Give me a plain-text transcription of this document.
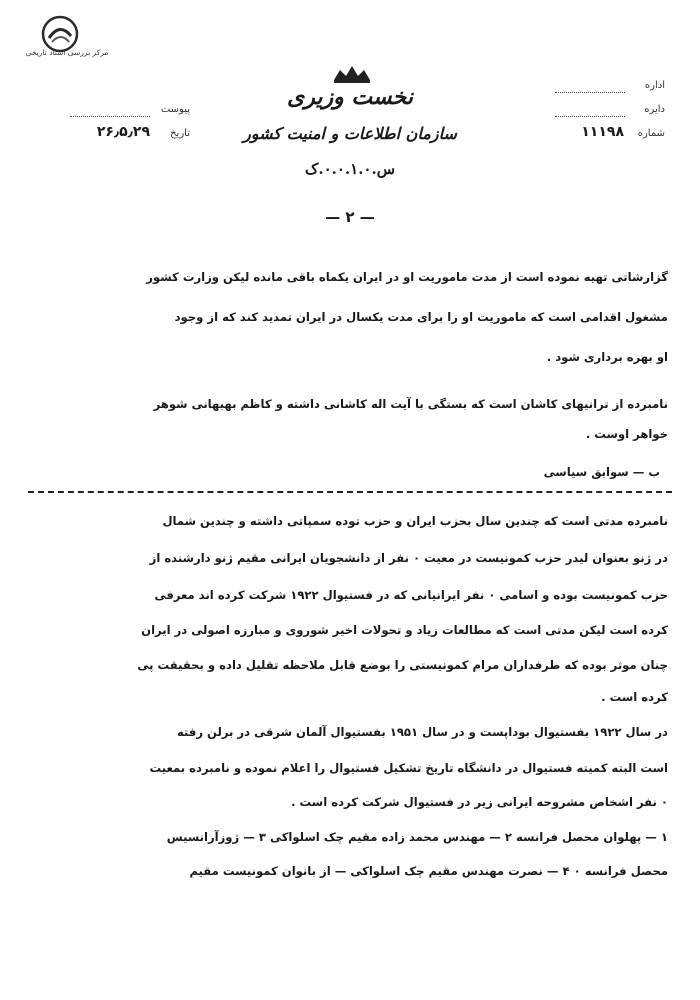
مرکز بررسی اسناد تاریخی
نخست وزیری
سازمان اطلاعات و امنیت کشور
س.۰.۰.۱.۰.ک
پیوست
تاریخ
۲۶٫۵٫۲۹
اداره
دایره
شماره
۱۱۱۹۸
— ۲ —
گزارشاتی تهیه نموده است از مدت ماموریت او در ایران یکماه باقی مانده لیکن وزارت کشور
مشغول اقدامی است که ماموریت او را برای مدت یکسال در ایران تمدید کند که از وجود
او بهره برداری شود .
نامبرده از ترانیهای کاشان است که بستگی با آیت اله کاشانی داشته و کاظم بهبهانی شوهر
خواهر اوست .
ب — سوابق سیاسی
نامبرده مدتی است که چندین سال بحزب ایران و حزب توده سمپاتی داشته و چندین شمال
در ژنو بعنوان لیدر حزب کمونیست در معیت ۰ نفر از دانشجویان ایرانی مقیم ژنو دارشنده از
حزب کمونیست بوده و اسامی ۰ نفر ایرانیانی که در فستیوال ۱۹۲۲ شرکت کرده اند معرفی
کرده است لیکن مدتی است که مطالعات زیاد و تحولات اخیر شوروی و مبارزه اصولی در ایران
چنان موثر بوده که طرفداران مرام کمونیستی را بوضع قابل ملاحظه تقلیل داده و بحقیقت پی
کرده است .
در سال ۱۹۲۲ بفستیوال بوداپست و در سال ۱۹۵۱ بفستیوال آلمان شرقی در برلن رفته
است البته کمیته فستیوال در دانشگاه تاریخ تشکیل فستیوال را اعلام نموده و نامبرده بمعیت
۰ نفر اشخاص مشروحه ایرانی زیر در فستیوال شرکت کرده است .
۱ — پهلوان محصل فرانسه ۲ — مهندس محمد زاده مقیم چک اسلواکی ۳ — ژوزآرانسیس
محصل فرانسه ۰ ۴ — نصرت مهندس مقیم چک اسلواکی — از بانوان کمونیست مقیم
